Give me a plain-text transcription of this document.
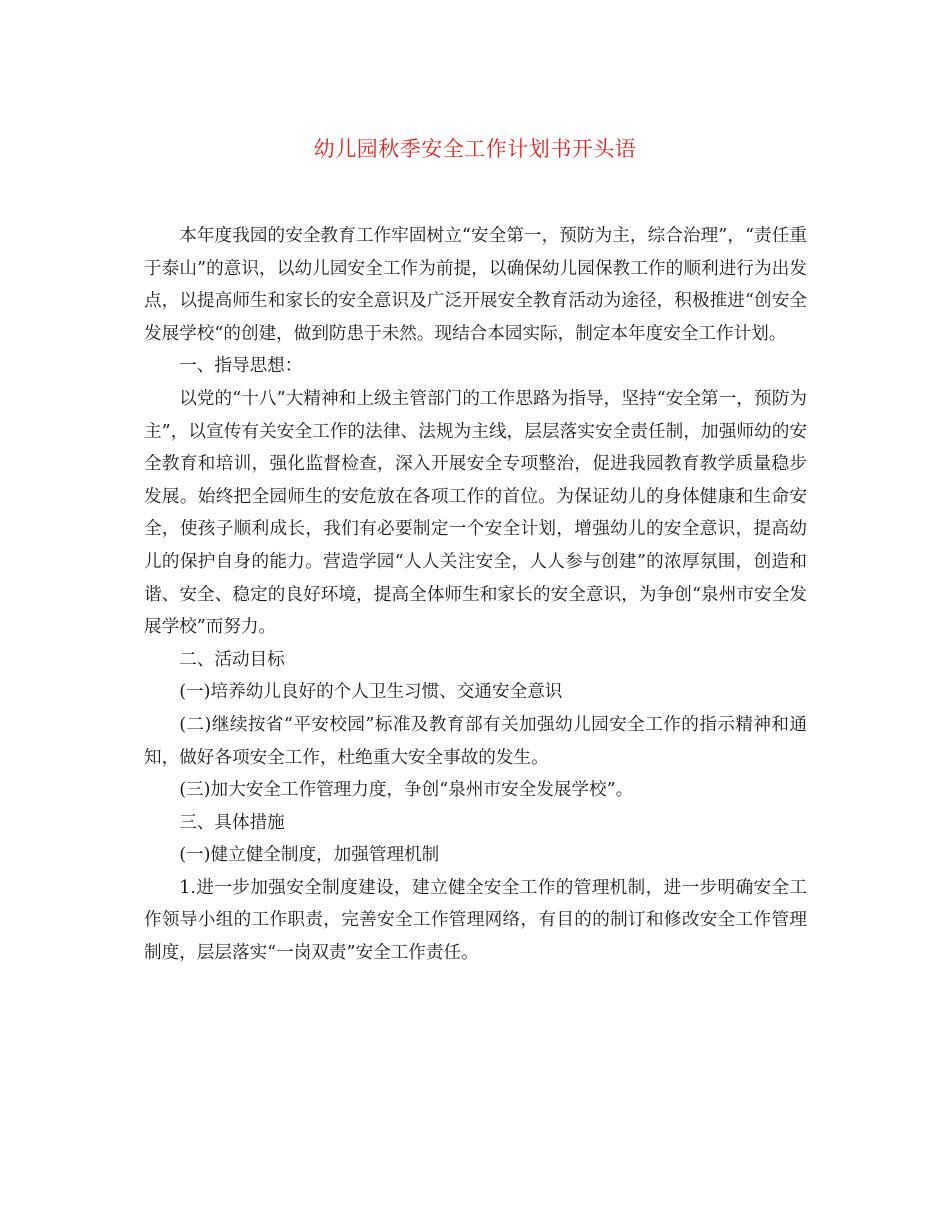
幼儿园秋季安全工作计划书开头语

本年度我园的安全教育工作牢固树立“安全第一，预防为主，综合治理”，“责任重于泰山”的意识，以幼儿园安全工作为前提，以确保幼儿园保教工作的顺利进行为出发点，以提高师生和家长的安全意识及广泛开展安全教育活动为途径，积极推进“创安全发展学校“的创建，做到防患于未然。现结合本园实际，制定本年度安全工作计划。

一、指导思想：

以党的“十八”大精神和上级主管部门的工作思路为指导，坚持“安全第一，预防为主”，以宣传有关安全工作的法律、法规为主线，层层落实安全责任制，加强师幼的安全教育和培训，强化监督检查，深入开展安全专项整治，促进我园教育教学质量稳步发展。始终把全园师生的安危放在各项工作的首位。为保证幼儿的身体健康和生命安全，使孩子顺利成长，我们有必要制定一个安全计划，增强幼儿的安全意识，提高幼儿的保护自身的能力。营造学园“人人关注安全，人人参与创建”的浓厚氛围，创造和谐、安全、稳定的良好环境，提高全体师生和家长的安全意识，为争创“泉州市安全发展学校”而努力。

二、活动目标

(一)培养幼儿良好的个人卫生习惯、交通安全意识

(二)继续按省“平安校园”标准及教育部有关加强幼儿园安全工作的指示精神和通知，做好各项安全工作，杜绝重大安全事故的发生。

(三)加大安全工作管理力度，争创“泉州市安全发展学校”。

三、具体措施

(一)健立健全制度，加强管理机制

1.进一步加强安全制度建设，建立健全安全工作的管理机制，进一步明确安全工作领导小组的工作职责，完善安全工作管理网络，有目的的制订和修改安全工作管理制度，层层落实“一岗双责”安全工作责任。
